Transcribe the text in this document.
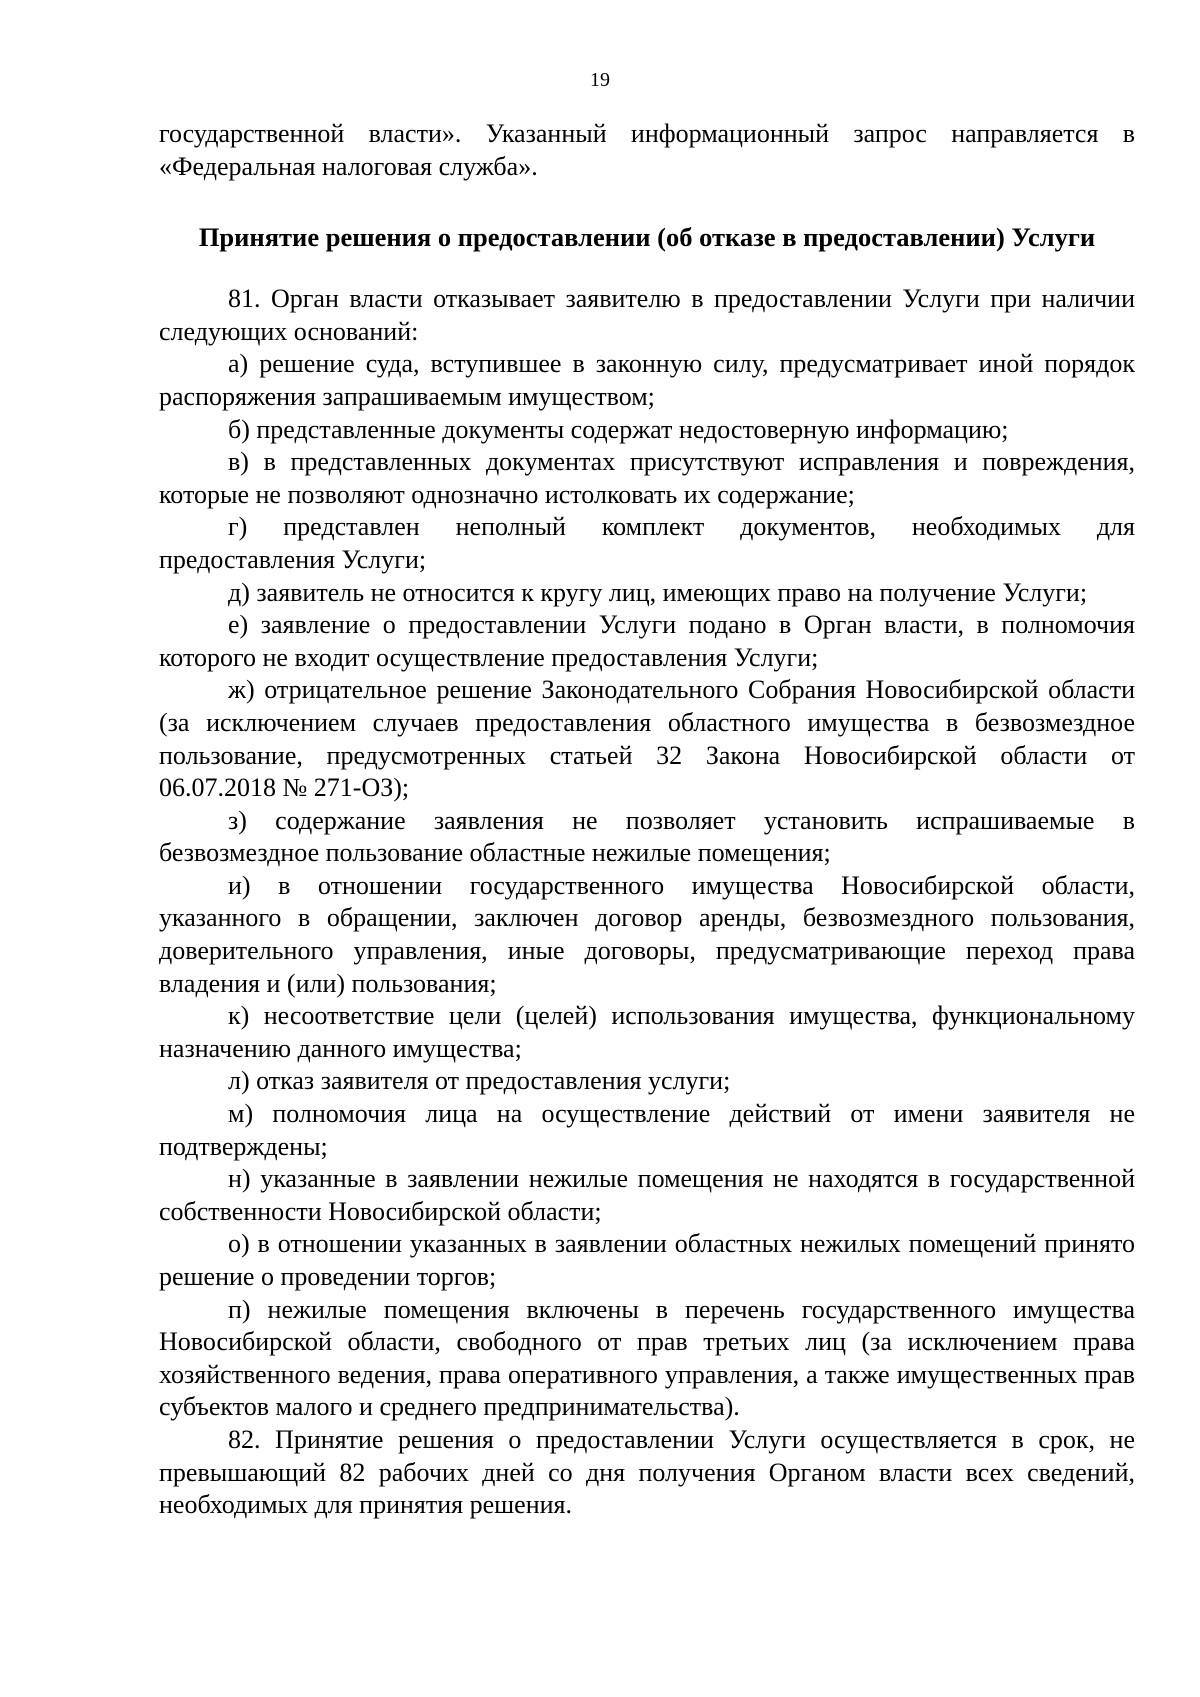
19

государственной власти». Указанный информационный запрос направляется в «Федеральная налоговая служба».

Принятие решения о предоставлении (об отказе в предоставлении) Услуги

81. Орган власти отказывает заявителю в предоставлении Услуги при наличии следующих оснований:

а) решение суда, вступившее в законную силу, предусматривает иной порядок распоряжения запрашиваемым имуществом;

б) представленные документы содержат недостоверную информацию;

в) в представленных документах присутствуют исправления и повреждения, которые не позволяют однозначно истолковать их содержание;

г) представлен неполный комплект документов, необходимых для предоставления Услуги;

д) заявитель не относится к кругу лиц, имеющих право на получение Услуги;

е) заявление о предоставлении Услуги подано в Орган власти, в полномочия которого не входит осуществление предоставления Услуги;

ж) отрицательное решение Законодательного Собрания Новосибирской области (за исключением случаев предоставления областного имущества в безвозмездное пользование, предусмотренных статьей 32 Закона Новосибирской области от 06.07.2018 № 271-ОЗ);

з) содержание заявления не позволяет установить испрашиваемые в безвозмездное пользование областные нежилые помещения;

и) в отношении государственного имущества Новосибирской области, указанного в обращении, заключен договор аренды, безвозмездного пользования, доверительного управления, иные договоры, предусматривающие переход права владения и (или) пользования;

к) несоответствие цели (целей) использования имущества, функциональному назначению данного имущества;

л) отказ заявителя от предоставления услуги;

м) полномочия лица на осуществление действий от имени заявителя не подтверждены;

н) указанные в заявлении нежилые помещения не находятся в государственной собственности Новосибирской области;

о) в отношении указанных в заявлении областных нежилых помещений принято решение о проведении торгов;

п) нежилые помещения включены в перечень государственного имущества Новосибирской области, свободного от прав третьих лиц (за исключением права хозяйственного ведения, права оперативного управления, а также имущественных прав субъектов малого и среднего предпринимательства).

82. Принятие решения о предоставлении Услуги осуществляется в срок, не превышающий 82 рабочих дней со дня получения Органом власти всех сведений, необходимых для принятия решения.
